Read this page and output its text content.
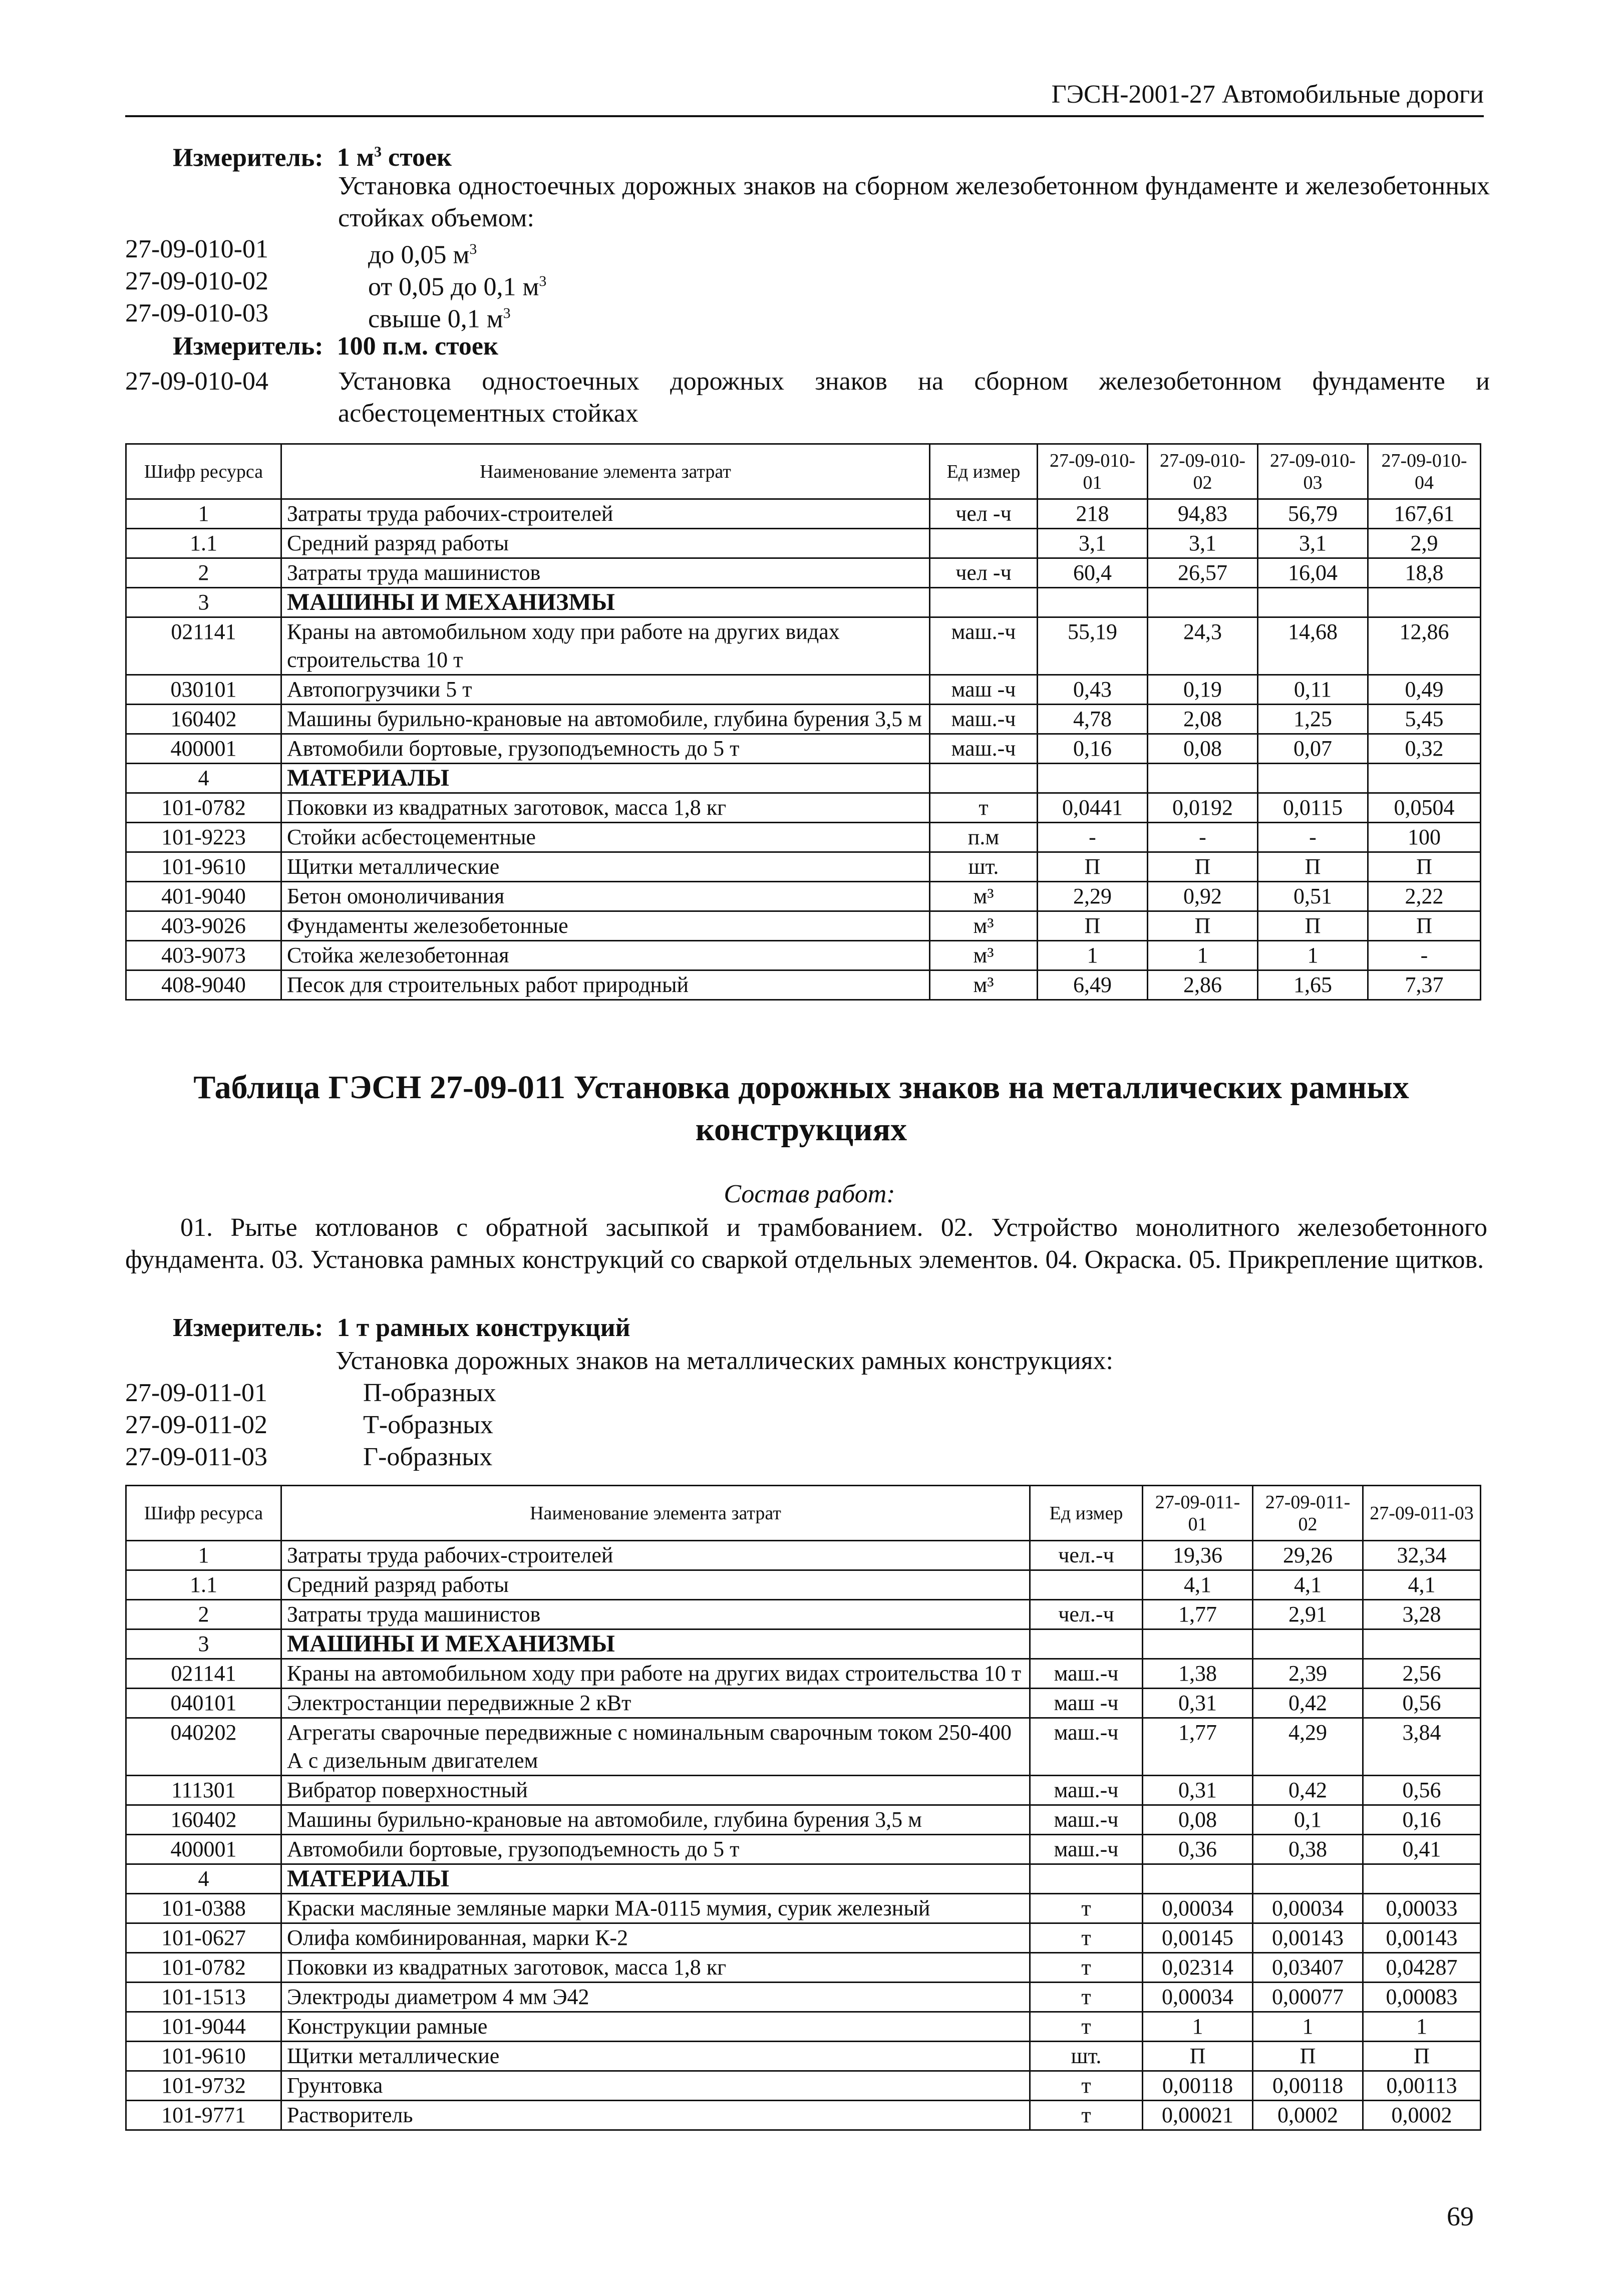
ГЭСН-2001-27 Автомобильные дороги
Измеритель: 1 $м^3$ стоек
Установка одностоечных дорожных знаков на сборном железобетонном фундаменте и железобетонных стойках объемом:
27-09-010-01	до 0,05 $м^3$
27-09-010-02	от 0,05 до 0,1 $м^3$
27-09-010-03	свыше 0,1 $м^3$
Измеритель: 100 п.м. стоек
27-09-010-04	Установка одностоечных дорожных знаков на сборном железобетонном фундаменте и асбестоцементных стойках
Шифр ресурса	Наименование элемента затрат	Ед измер	27-09-010-01	27-09-010-02	27-09-010-03	27-09-010-04
1	Затраты труда рабочих-строителей	чел -ч	218	94,83	56,79	167,61
1.1	Средний разряд работы		3,1	3,1	3,1	2,9
2	Затраты труда машинистов	чел -ч	60,4	26,57	16,04	18,8
3	МАШИНЫ И МЕХАНИЗМЫ					
021141	Краны на автомобильном ходу при работе на других видах строительства 10 т	маш.-ч	55,19	24,3	14,68	12,86
030101	Автопогрузчики 5 т	маш -ч	0,43	0,19	0,11	0,49
160402	Машины бурильно-крановые на автомобиле, глубина бурения 3,5 м	маш.-ч	4,78	2,08	1,25	5,45
400001	Автомобили бортовые, грузоподъемность до 5 т	маш.-ч	0,16	0,08	0,07	0,32
4	МАТЕРИАЛЫ					
101-0782	Поковки из квадратных заготовок, масса 1,8 кг	т	0,0441	0,0192	0,0115	0,0504
101-9223	Стойки асбестоцементные	п.м	-	-	-	100
101-9610	Щитки металлические	шт.	П	П	П	П
401-9040	Бетон омоноличивания	м³	2,29	0,92	0,51	2,22
403-9026	Фундаменты железобетонные	м³	П	П	П	П
403-9073	Стойка железобетонная	м³	1	1	1	-
408-9040	Песок для строительных работ природный	м³	6,49	2,86	1,65	7,37
Таблица ГЭСН 27-09-011 Установка дорожных знаков на металлических рамных конструкциях
Состав работ:
01. Рытье котлованов с обратной засыпкой и трамбованием. 02. Устройство монолитного железобетонного фундамента. 03. Установка рамных конструкций со сваркой отдельных элементов. 04. Окраска. 05. Прикрепление щитков.
Измеритель: 1 т рамных конструкций
Установка дорожных знаков на металлических рамных конструкциях:
27-09-011-01	П-образных
27-09-011-02	Т-образных
27-09-011-03	Г-образных
Шифр ресурса	Наименование элемента затрат	Ед измер	27-09-011-01	27-09-011-02	27-09-011-03
1	Затраты труда рабочих-строителей	чел.-ч	19,36	29,26	32,34
1.1	Средний разряд работы		4,1	4,1	4,1
2	Затраты труда машинистов	чел.-ч	1,77	2,91	3,28
3	МАШИНЫ И МЕХАНИЗМЫ				
021141	Краны на автомобильном ходу при работе на других видах строительства 10 т	маш.-ч	1,38	2,39	2,56
040101	Электростанции передвижные 2 кВт	маш -ч	0,31	0,42	0,56
040202	Агрегаты сварочные передвижные с номинальным сварочным током 250-400 А с дизельным двигателем	маш.-ч	1,77	4,29	3,84
111301	Вибратор поверхностный	маш.-ч	0,31	0,42	0,56
160402	Машины бурильно-крановые на автомобиле, глубина бурения 3,5 м	маш.-ч	0,08	0,1	0,16
400001	Автомобили бортовые, грузоподъемность до 5 т	маш.-ч	0,36	0,38	0,41
4	МАТЕРИАЛЫ				
101-0388	Краски масляные земляные марки МА-0115 мумия, сурик железный	т	0,00034	0,00034	0,00033
101-0627	Олифа комбинированная, марки К-2	т	0,00145	0,00143	0,00143
101-0782	Поковки из квадратных заготовок, масса 1,8 кг	т	0,02314	0,03407	0,04287
101-1513	Электроды диаметром 4 мм Э42	т	0,00034	0,00077	0,00083
101-9044	Конструкции рамные	т	1	1	1
101-9610	Щитки металлические	шт.	П	П	П
101-9732	Грунтовка	т	0,00118	0,00118	0,00113
101-9771	Растворитель	т	0,00021	0,0002	0,0002
69
